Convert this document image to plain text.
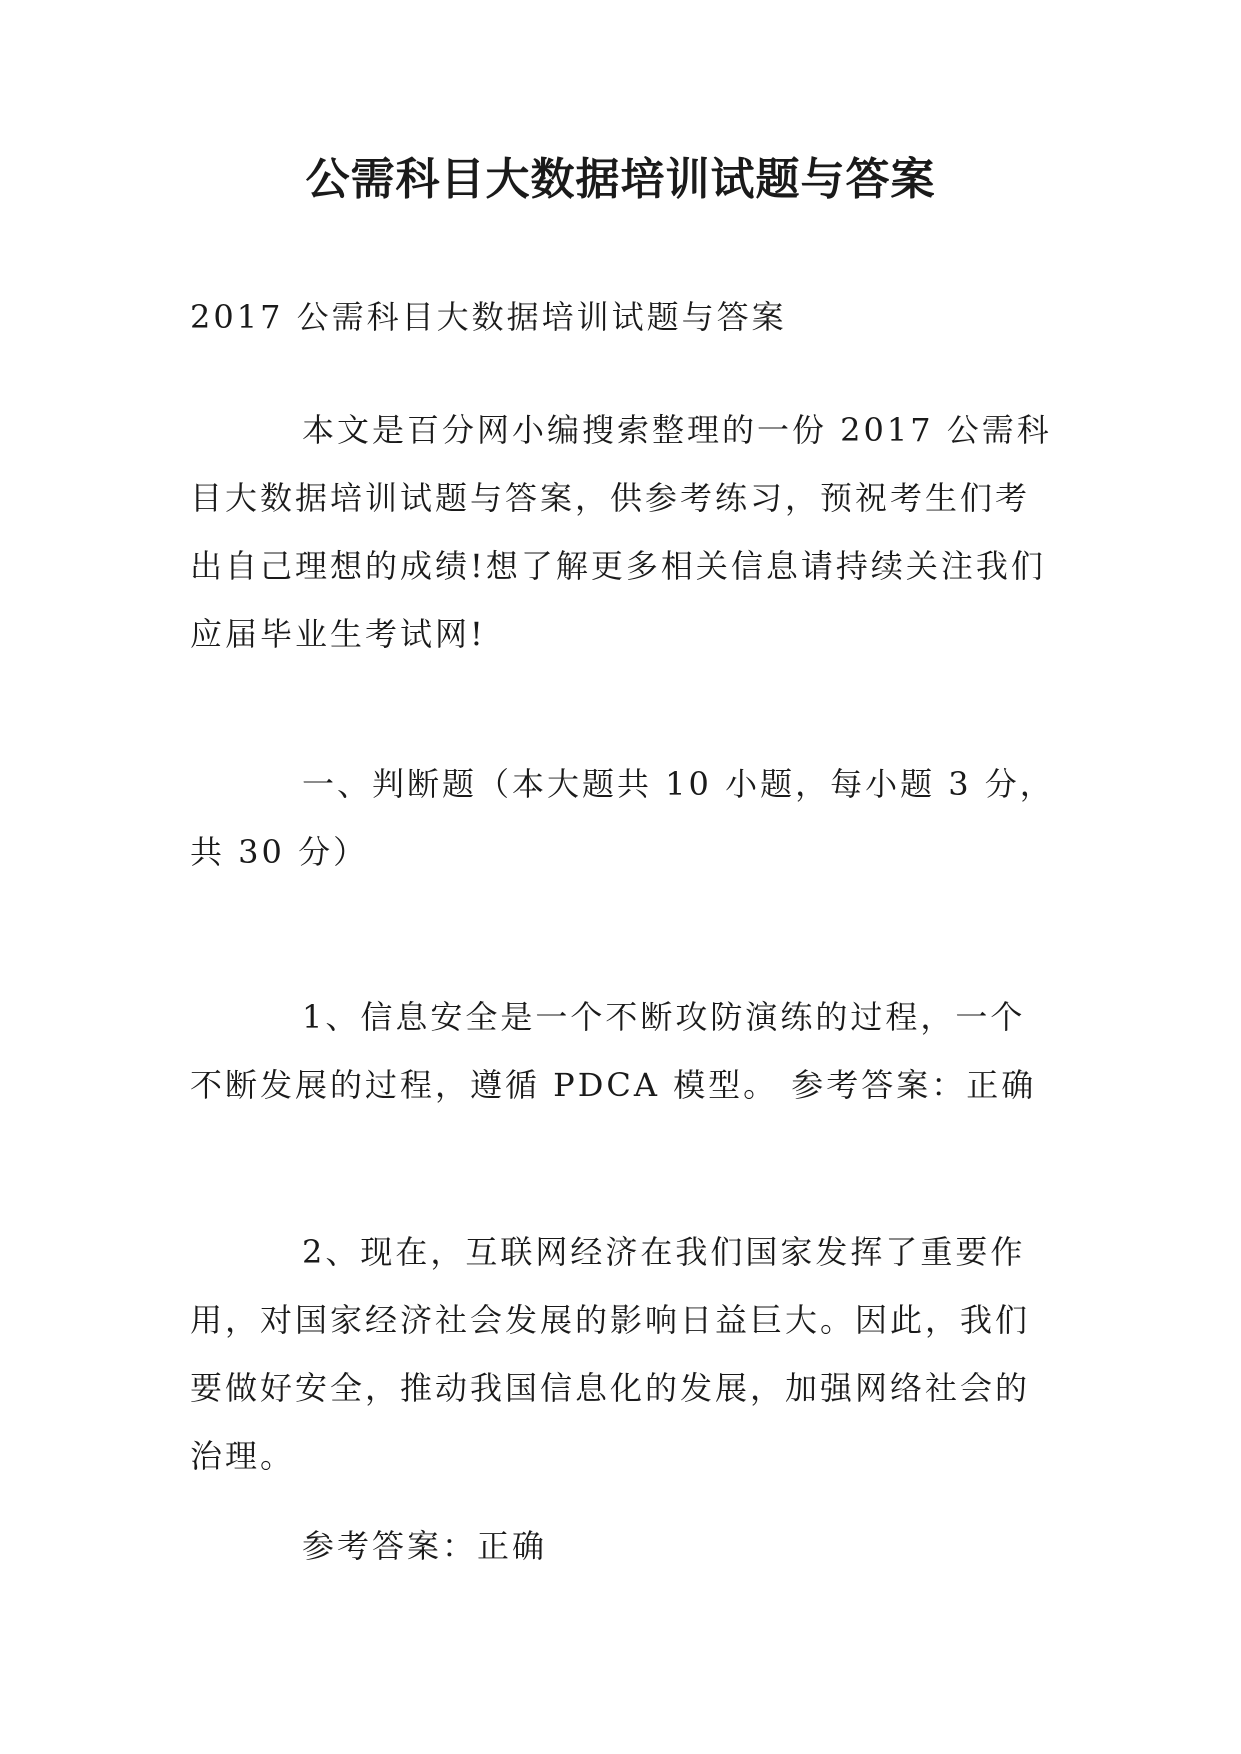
公需科目大数据培训试题与答案

2017 公需科目大数据培训试题与答案

本文是百分网小编搜索整理的一份 2017 公需科目大数据培训试题与答案，供参考练习，预祝考生们考出自己理想的成绩!想了解更多相关信息请持续关注我们应届毕业生考试网!

一、判断题（本大题共 10 小题，每小题 3 分，共 30 分）

1、信息安全是一个不断攻防演练的过程，一个不断发展的过程，遵循 PDCA 模型。 参考答案：正确

2、现在，互联网经济在我们国家发挥了重要作用，对国家经济社会发展的影响日益巨大。因此，我们要做好安全，推动我国信息化的发展，加强网络社会的治理。

参考答案：正确
